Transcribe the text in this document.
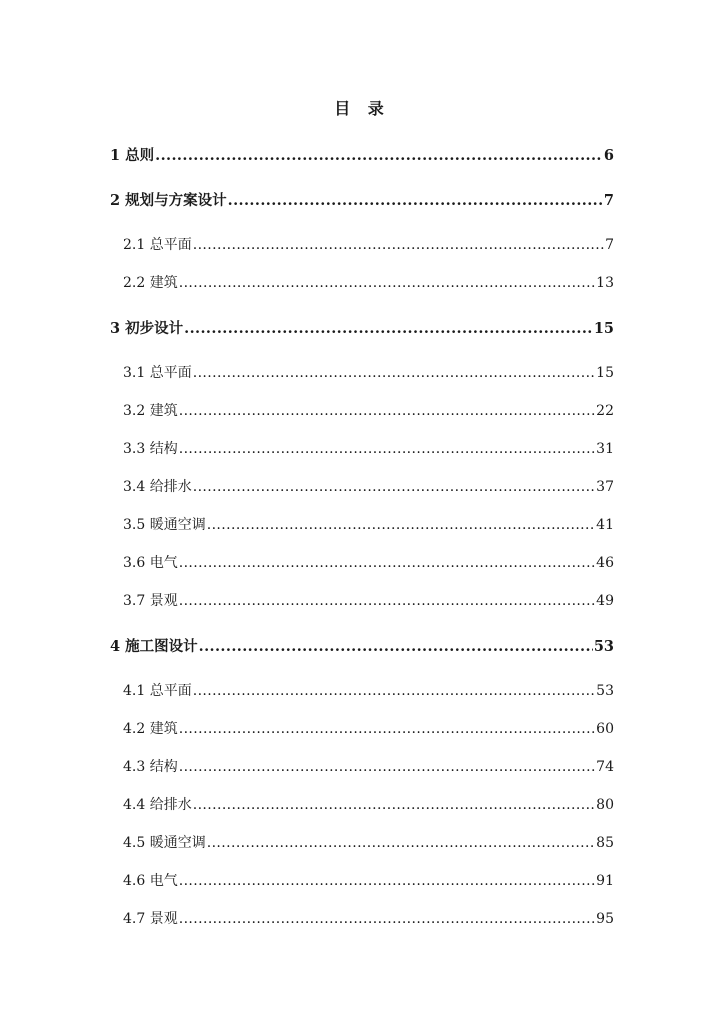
目 录
1 总则 .....	6
2 规划与方案设计 .....	7
2.1 总平面 .....	7
2.2 建筑 .....	13
3 初步设计 .....	15
3.1 总平面 .....	15
3.2 建筑 .....	22
3.3 结构 .....	31
3.4 给排水 .....	37
3.5 暖通空调 .....	41
3.6 电气 .....	46
3.7 景观 .....	49
4 施工图设计 .....	53
4.1 总平面 .....	53
4.2 建筑 .....	60
4.3 结构 .....	74
4.4 给排水 .....	80
4.5 暖通空调 .....	85
4.6 电气 .....	91
4.7 景观 .....	95
